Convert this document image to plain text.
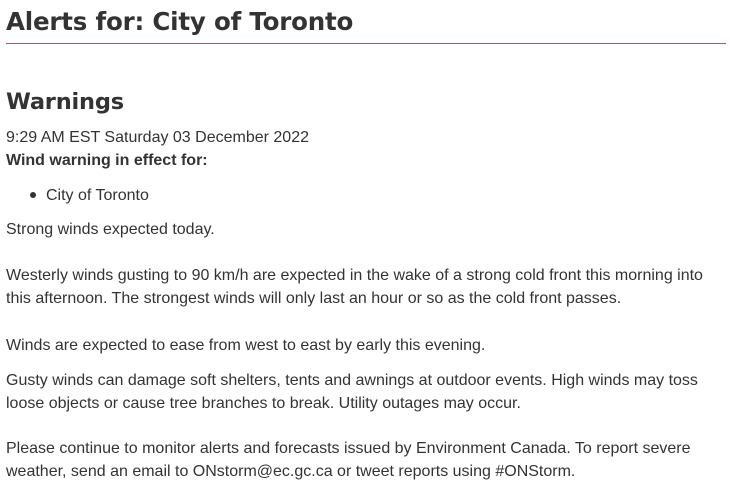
Alerts for: City of Toronto
Warnings

9:29 AM EST Saturday 03 December 2022

Wind warning in effect for:

City of Toronto

Strong winds expected today.

Westerly winds gusting to 90 km/h are expected in the wake of a strong cold front this morning into this afternoon. The strongest winds will only last an hour or so as the cold front passes.

Winds are expected to ease from west to east by early this evening.

Gusty winds can damage soft shelters, tents and awnings at outdoor events. High winds may toss loose objects or cause tree branches to break. Utility outages may occur.

Please continue to monitor alerts and forecasts issued by Environment Canada. To report severe weather, send an email to ONstorm@ec.gc.ca or tweet reports using #ONStorm.
